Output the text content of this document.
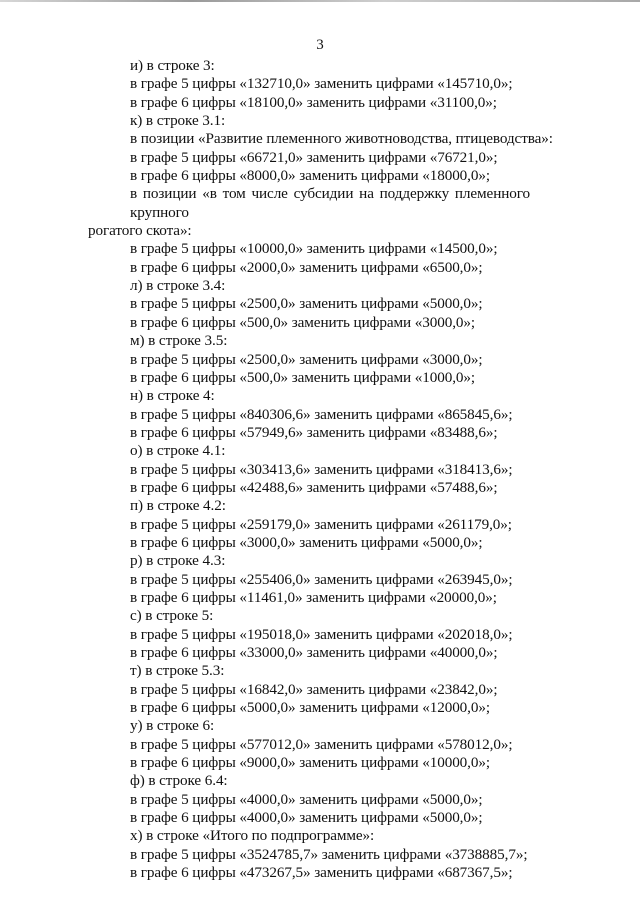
3
и) в строке 3:
в графе 5 цифры «132710,0» заменить цифрами «145710,0»;
в графе 6 цифры «18100,0» заменить цифрами «31100,0»;
к) в строке 3.1:
в позиции «Развитие племенного животноводства, птицеводства»:
в графе 5 цифры «66721,0» заменить цифрами «76721,0»;
в графе 6 цифры «8000,0» заменить цифрами «18000,0»;
в позиции «в том числе субсидии на поддержку племенного крупного
рогатого скота»:
в графе 5 цифры «10000,0» заменить цифрами «14500,0»;
в графе 6 цифры «2000,0» заменить цифрами «6500,0»;
л) в строке 3.4:
в графе 5 цифры «2500,0» заменить цифрами «5000,0»;
в графе 6 цифры «500,0» заменить цифрами «3000,0»;
м) в строке 3.5:
в графе 5 цифры «2500,0» заменить цифрами «3000,0»;
в графе 6 цифры «500,0» заменить цифрами «1000,0»;
н) в строке 4:
в графе 5 цифры «840306,6» заменить цифрами «865845,6»;
в графе 6 цифры «57949,6» заменить цифрами «83488,6»;
о) в строке 4.1:
в графе 5 цифры «303413,6» заменить цифрами «318413,6»;
в графе 6 цифры «42488,6» заменить цифрами «57488,6»;
п) в строке 4.2:
в графе 5 цифры «259179,0» заменить цифрами «261179,0»;
в графе 6 цифры «3000,0» заменить цифрами «5000,0»;
р) в строке 4.3:
в графе 5 цифры «255406,0» заменить цифрами «263945,0»;
в графе 6 цифры «11461,0» заменить цифрами «20000,0»;
с) в строке 5:
в графе 5 цифры «195018,0» заменить цифрами «202018,0»;
в графе 6 цифры «33000,0» заменить цифрами «40000,0»;
т) в строке 5.3:
в графе 5 цифры «16842,0» заменить цифрами «23842,0»;
в графе 6 цифры «5000,0» заменить цифрами «12000,0»;
у) в строке 6:
в графе 5 цифры «577012,0» заменить цифрами «578012,0»;
в графе 6 цифры «9000,0» заменить цифрами «10000,0»;
ф) в строке 6.4:
в графе 5 цифры «4000,0» заменить цифрами «5000,0»;
в графе 6 цифры «4000,0» заменить цифрами «5000,0»;
х) в строке «Итого по подпрограмме»:
в графе 5 цифры «3524785,7» заменить цифрами «3738885,7»;
в графе 6 цифры «473267,5» заменить цифрами «687367,5»;
